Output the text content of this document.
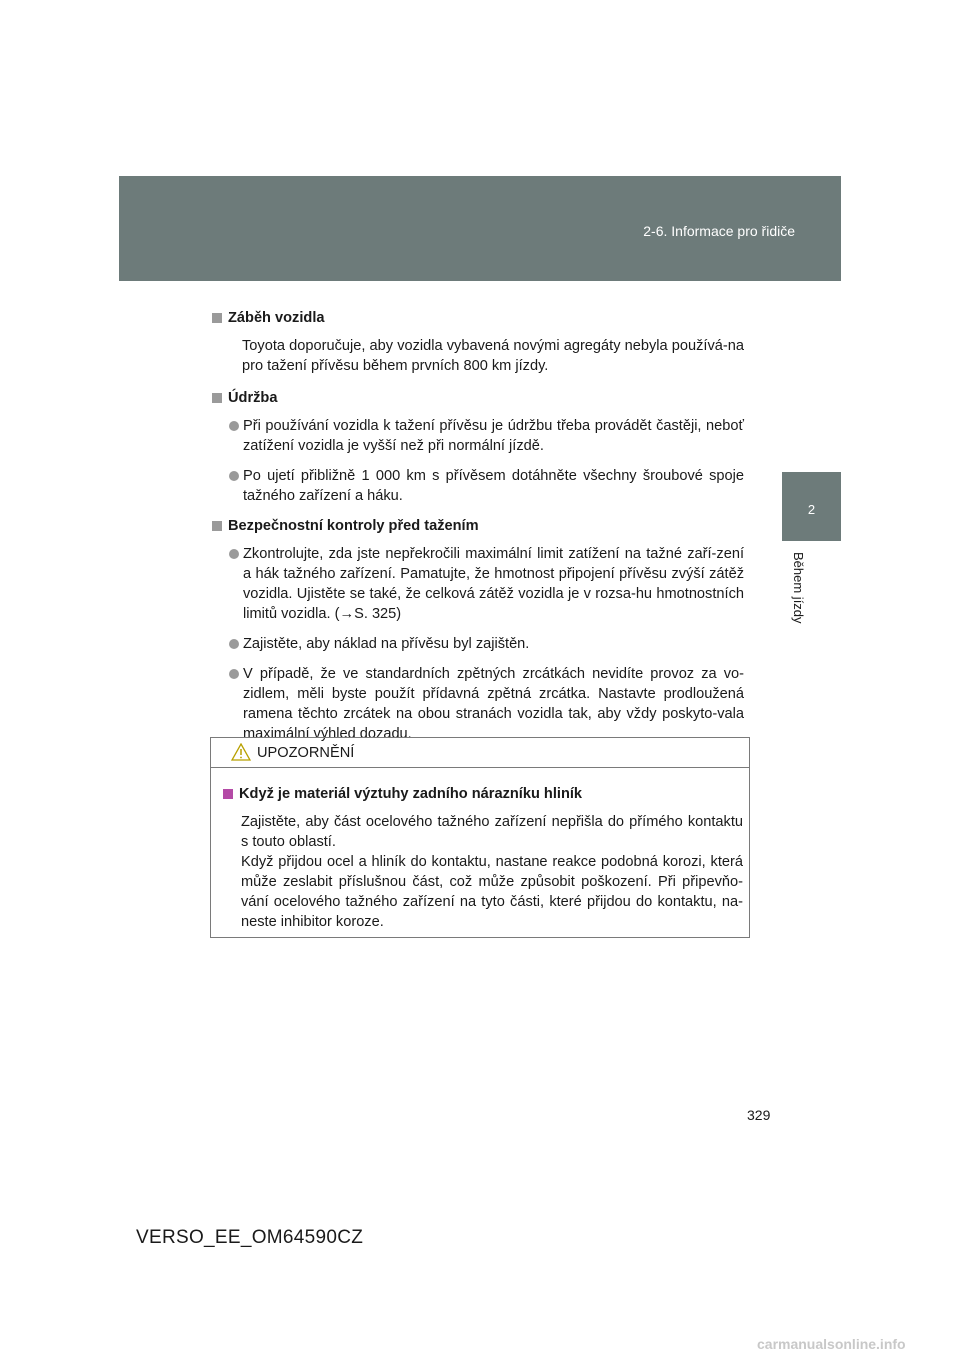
2-6. Informace pro řidiče
2
Během jízdy
Záběh vozidla
Toyota doporučuje, aby vozidla vybavená novými agregáty nebyla používá-na pro tažení přívěsu během prvních 800 km jízdy.
Údržba
Při používání vozidla k tažení přívěsu je údržbu třeba provádět častěji, neboť zatížení vozidla je vyšší než při normální jízdě.
Po ujetí přibližně 1 000 km s přívěsem dotáhněte všechny šroubové spoje tažného zařízení a háku.
Bezpečnostní kontroly před tažením
Zkontrolujte, zda jste nepřekročili maximální limit zatížení na tažné zaří-zení a hák tažného zařízení. Pamatujte, že hmotnost připojení přívěsu zvýší zátěž vozidla. Ujistěte se také, že celková zátěž vozidla je v rozsa-hu hmotnostních limitů vozidla. (→S. 325)
Zajistěte, aby náklad na přívěsu byl zajištěn.
V případě, že ve standardních zpětných zrcátkách nevidíte provoz za vo-zidlem, měli byste použít přídavná zpětná zrcátka. Nastavte prodloužená ramena těchto zrcátek na obou stranách vozidla tak, aby vždy poskyto-vala maximální výhled dozadu.
UPOZORNĚNÍ
Když je materiál výztuhy zadního nárazníku hliník
Zajistěte, aby část ocelového tažného zařízení nepřišla do přímého kontaktu s touto oblastí.
Když přijdou ocel a hliník do kontaktu, nastane reakce podobná korozi, která může zeslabit příslušnou část, což může způsobit poškození. Při připevňo-vání ocelového tažného zařízení na tyto části, které přijdou do kontaktu, na-neste inhibitor koroze.
329
VERSO_EE_OM64590CZ
carmanualsonline.info
